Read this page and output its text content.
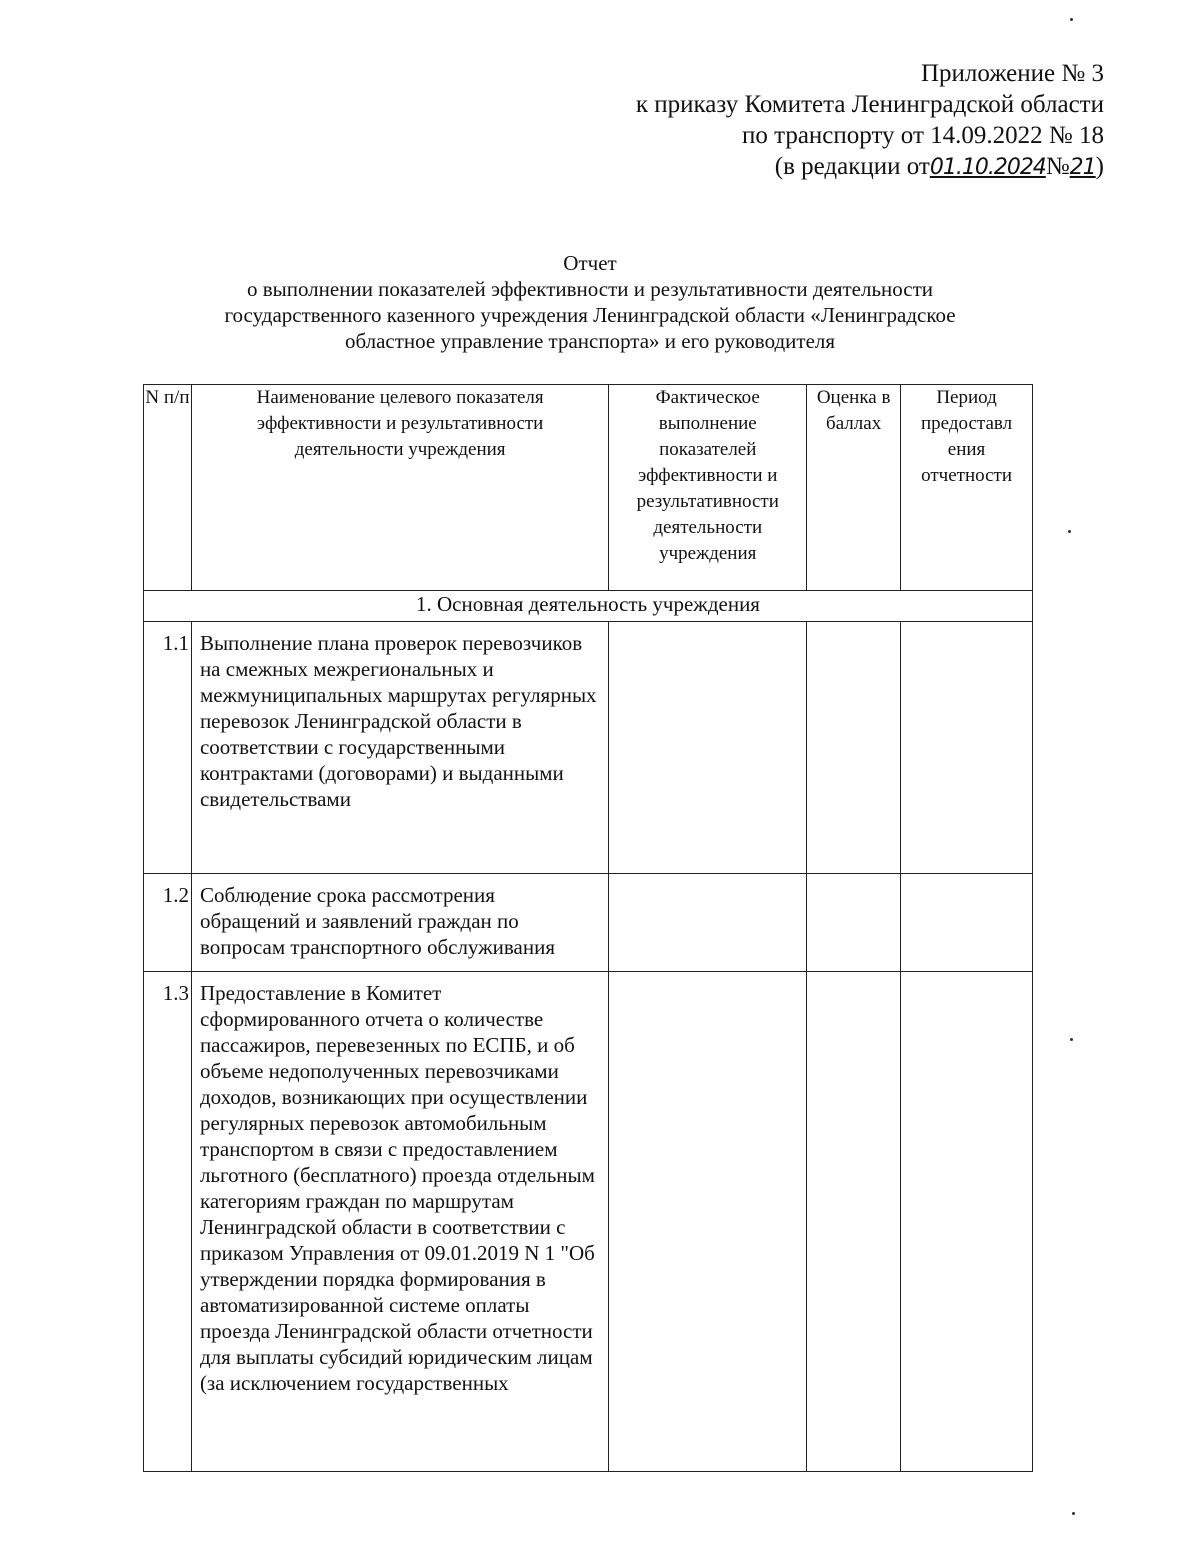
Приложение № 3
к приказу Комитета Ленинградской области
по транспорту от 14.09.2022 № 18
(в редакции от01.10.2024№21)
Отчет
о выполнении показателей эффективности и результативности деятельности
государственного казенного учреждения Ленинградской области «Ленинградское
областное управление транспорта» и его руководителя
N п/п	Наименование целевого показателя эффективности и результативности деятельности учреждения	Фактическое выполнение показателей эффективности и результативности деятельности учреждения	Оценка в баллах	Период предоставл ения отчетности
1. Основная деятельность учреждения				
1.1	Выполнение плана проверок перевозчиков на смежных межрегиональных и межмуниципальных маршрутах регулярных перевозок Ленинградской области в соответствии с государственными контрактами (договорами) и выданными свидетельствами			
1.2	Соблюдение срока рассмотрения обращений и заявлений граждан по вопросам транспортного обслуживания			
1.3	Предоставление в Комитет сформированного отчета о количестве пассажиров, перевезенных по ЕСПБ, и об объеме недополученных перевозчиками доходов, возникающих при осуществлении регулярных перевозок автомобильным транспортом в связи с предоставлением льготного (бесплатного) проезда отдельным категориям граждан по маршрутам Ленинградской области в соответствии с приказом Управления от 09.01.2019 N 1 "Об утверждении порядка формирования в автоматизированной системе оплаты проезда Ленинградской области отчетности для выплаты субсидий юридическим лицам (за исключением государственных			
